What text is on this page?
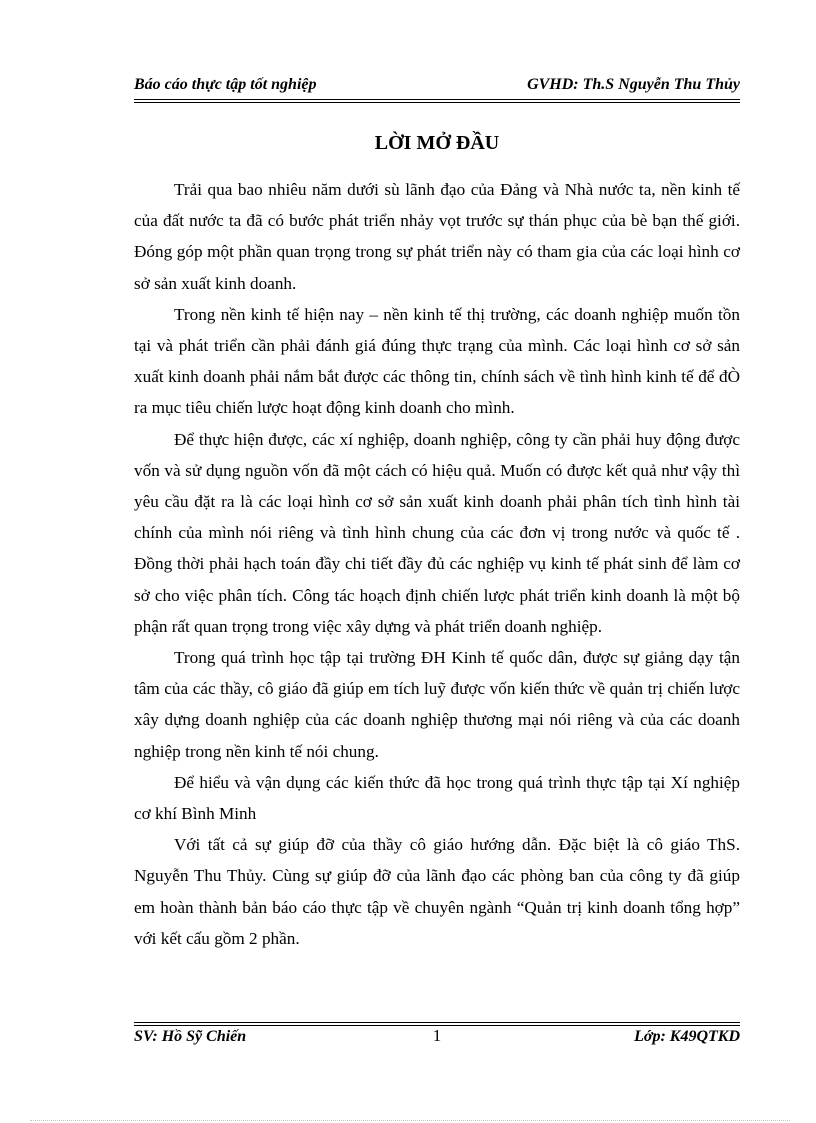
Báo cáo thực tập tốt nghiệp	GVHD: Th.S Nguyễn Thu Thủy
LỜI MỞ ĐẦU

Trải qua bao nhiêu năm dưới sù lãnh đạo của Đảng và Nhà nước ta, nền kinh tế của đất nước ta đã có bước phát triển nhảy vọt trước sự thán phục của bè bạn thế giới. Đóng góp một phần quan trọng trong sự phát triển này có tham gia của các loại hình cơ sở sản xuất kinh doanh.

Trong nền kinh tế hiện nay – nền kinh tế thị trường, các doanh nghiệp muốn tồn tại và phát triển cần phải đánh giá đúng thực trạng của mình. Các loại hình cơ sở sản xuất kinh doanh phải nắm bắt được các thông tin, chính sách về tình hình kinh tế để đÒ ra mục tiêu chiến lược hoạt động kinh doanh cho mình.

Để thực hiện được, các xí nghiệp, doanh nghiệp, công ty cần phải huy động được vốn và sử dụng nguồn vốn đã một cách có hiệu quả. Muốn có được kết quả như vậy thì yêu cầu đặt ra là các loại hình cơ sở sản xuất kinh doanh phải phân tích tình hình tài chính của mình nói riêng và tình hình chung của các đơn vị trong nước và quốc tế . Đồng thời phải hạch toán đầy chi tiết đầy đủ các nghiệp vụ kinh tế phát sinh để làm cơ sở cho việc phân tích. Công tác hoạch định chiến lược phát triển kinh doanh là một bộ phận rất quan trọng trong việc xây dựng và phát triển doanh nghiệp.

Trong quá trình học tập tại trường ĐH Kinh tế quốc dân, được sự giảng dạy tận tâm của các thầy, cô giáo đã giúp em tích luỹ được vốn kiến thức về quản trị chiến lược xây dựng doanh nghiệp của các doanh nghiệp thương mại nói riêng và của các doanh nghiệp trong nền kinh tế nói chung.

Để hiểu và vận dụng các kiến thức đã học trong quá trình thực tập tại Xí nghiệp cơ khí Bình Minh

Với tất cả sự giúp đỡ của thầy cô giáo hướng dẫn. Đặc biệt là cô giáo ThS. Nguyễn Thu Thủy. Cùng sự giúp đỡ của lãnh đạo các phòng ban của công ty đã giúp em hoàn thành bản báo cáo thực tập về chuyên ngành “Quản trị kinh doanh tổng hợp” với kết cấu gồm 2 phần.

SV: Hồ Sỹ Chiến	1	Lớp: K49QTKD
